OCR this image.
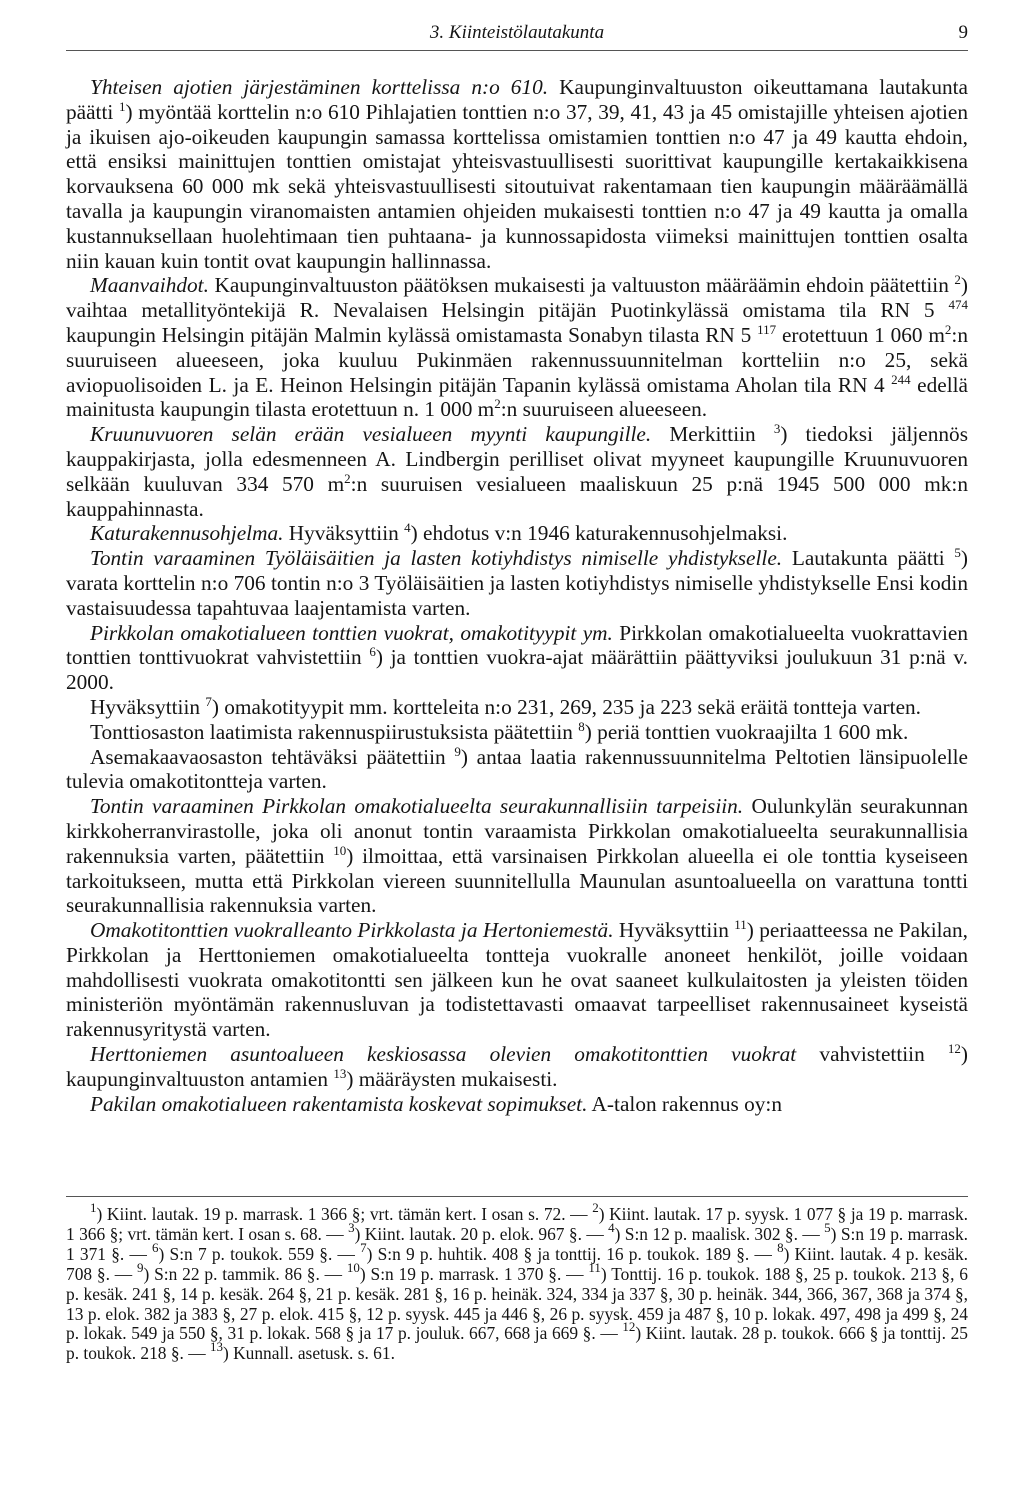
3. Kiinteistölautakunta	9

Yhteisen ajotien järjestäminen korttelissa n:o 610. Kaupunginvaltuuston oikeuttamana lautakunta päätti $^1$) myöntää korttelin n:o 610 Pihlajatien tonttien n:o 37, 39, 41, 43 ja 45 omistajille yhteisen ajotien ja ikuisen ajo-oikeuden kaupungin samassa korttelissa omistamien tonttien n:o 47 ja 49 kautta ehdoin, että ensiksi mainittujen tonttien omistajat yhteisvastuullisesti suorittivat kaupungille kertakaikkisena korvauksena 60 000 mk sekä yhteisvastuullisesti sitoutuivat rakentamaan tien kaupungin määräämällä tavalla ja kaupungin viranomaisten antamien ohjeiden mukaisesti tonttien n:o 47 ja 49 kautta ja omalla kustannuksellaan huolehtimaan tien puhtaana- ja kunnossapidosta viimeksi mainittujen tonttien osalta niin kauan kuin tontit ovat kaupungin hallinnassa.

Maanvaihdot. Kaupunginvaltuuston päätöksen mukaisesti ja valtuuston määräämin ehdoin päätettiin $^2$) vaihtaa metallityöntekijä R. Nevalaisen Helsingin pitäjän Puotinkylässä omistama tila RN 5 $^{474}$ kaupungin Helsingin pitäjän Malmin kylässä omistamasta Sonabyn tilasta RN 5 $^{117}$ erotettuun 1 060 $m^2:n$ suuruiseen alueeseen, joka kuuluu Pukinmäen rakennussuunnitelman kortteliin n:o 25, sekä aviopuolisoiden L. ja E. Heinon Helsingin pitäjän Tapanin kylässä omistama Aholan tila RN 4 $^{244}$ edellä mainitusta kaupungin tilasta erotettuun n. 1 000 $m^2:n$ suuruiseen alueeseen.

Kruunuvuoren selän erään vesialueen myynti kaupungille. Merkittiin $^3$) tiedoksi jäljennös kauppakirjasta, jolla edesmenneen A. Lindbergin perilliset olivat myyneet kaupungille Kruunuvuoren selkään kuuluvan 334 570 $m^2:n$ suuruisen vesialueen maaliskuun 25 p:nä 1945 500 000 mk:n kauppahinnasta.

Katurakennusohjelma. Hyväksyttiin $^4$) ehdotus v:n 1946 katurakennusohjelmaksi.

Tontin varaaminen Työläisäitien ja lasten kotiyhdistys nimiselle yhdistykselle. Lautakunta päätti $^5$) varata korttelin n:o 706 tontin n:o 3 Työläisäitien ja lasten kotiyhdistys nimiselle yhdistykselle Ensi kodin vastaisuudessa tapahtuvaa laajentamista varten.

Pirkkolan omakotialueen tonttien vuokrat, omakotityypit ym. Pirkkolan omakotialueelta vuokrattavien tonttien tonttivuokrat vahvistettiin $^6$) ja tonttien vuokra-ajat määrättiin päättyviksi joulukuun 31 p:nä v. 2000.

Hyväksyttiin $^7$) omakotityypit mm. kortteleita n:o 231, 269, 235 ja 223 sekä eräitä tontteja varten.

Tonttiosaston laatimista rakennuspiirustuksista päätettiin $^8$) periä tonttien vuokraajilta 1 600 mk.

Asemakaavaosaston tehtäväksi päätettiin $^9$) antaa laatia rakennussuunnitelma Peltotien länsipuolelle tulevia omakotitontteja varten.

Tontin varaaminen Pirkkolan omakotialueelta seurakunnallisiin tarpeisiin. Oulunkylän seurakunnan kirkkoherranvirastolle, joka oli anonut tontin varaamista Pirkkolan omakotialueelta seurakunnallisia rakennuksia varten, päätettiin $^{10}$) ilmoittaa, että varsinaisen Pirkkolan alueella ei ole tonttia kyseiseen tarkoitukseen, mutta että Pirkkolan viereen suunnitellulla Maunulan asuntoalueella on varattuna tontti seurakunnallisia rakennuksia varten.

Omakotitonttien vuokralleanto Pirkkolasta ja Hertoniemestä. Hyväksyttiin $^{11}$) periaatteessa ne Pakilan, Pirkkolan ja Herttoniemen omakotialueelta tontteja vuokralle anoneet henkilöt, joille voidaan mahdollisesti vuokrata omakotitontti sen jälkeen kun he ovat saaneet kulkulaitosten ja yleisten töiden ministeriön myöntämän rakennusluvan ja todistettavasti omaavat tarpeelliset rakennusaineet kyseistä rakennusyritystä varten.

Herttoniemen asuntoalueen keskiosassa olevien omakotitonttien vuokrat vahvistettiin $^{12}$) kaupunginvaltuuston antamien $^{13}$) määräysten mukaisesti.

Pakilan omakotialueen rakentamista koskevat sopimukset. A-talon rakennus oy:n

$^1$) Kiint. lautak. 19 p. marrask. 1 366 §; vrt. tämän kert. I osan s. 72. — $^2$) Kiint. lautak. 17 p. syysk. 1 077 § ja 19 p. marrask. 1 366 §; vrt. tämän kert. I osan s. 68. — $^3$) Kiint. lautak. 20 p. elok. 967 §. — $^4$) S:n 12 p. maalisk. 302 §. — $^5$) S:n 19 p. marrask. 1 371 §. — $^6$) S:n 7 p. toukok. 559 §. — $^7$) S:n 9 p. huhtik. 408 § ja tonttij. 16 p. toukok. 189 §. — $^8$) Kiint. lautak. 4 p. kesäk. 708 §. — $^9$) S:n 22 p. tammik. 86 §. — $^{10}$) S:n 19 p. marrask. 1 370 §. — $^{11}$) Tonttij. 16 p. toukok. 188 §, 25 p. toukok. 213 §, 6 p. kesäk. 241 §, 14 p. kesäk. 264 §, 21 p. kesäk. 281 §, 16 p. heinäk. 324, 334 ja 337 §, 30 p. heinäk. 344, 366, 367, 368 ja 374 §, 13 p. elok. 382 ja 383 §, 27 p. elok. 415 §, 12 p. syysk. 445 ja 446 §, 26 p. syysk. 459 ja 487 §, 10 p. lokak. 497, 498 ja 499 §, 24 p. lokak. 549 ja 550 §, 31 p. lokak. 568 § ja 17 p. jouluk. 667, 668 ja 669 §. — $^{12}$) Kiint. lautak. 28 p. toukok. 666 § ja tonttij. 25 p. toukok. 218 §. — $^{13}$) Kunnall. asetusk. s. 61.
